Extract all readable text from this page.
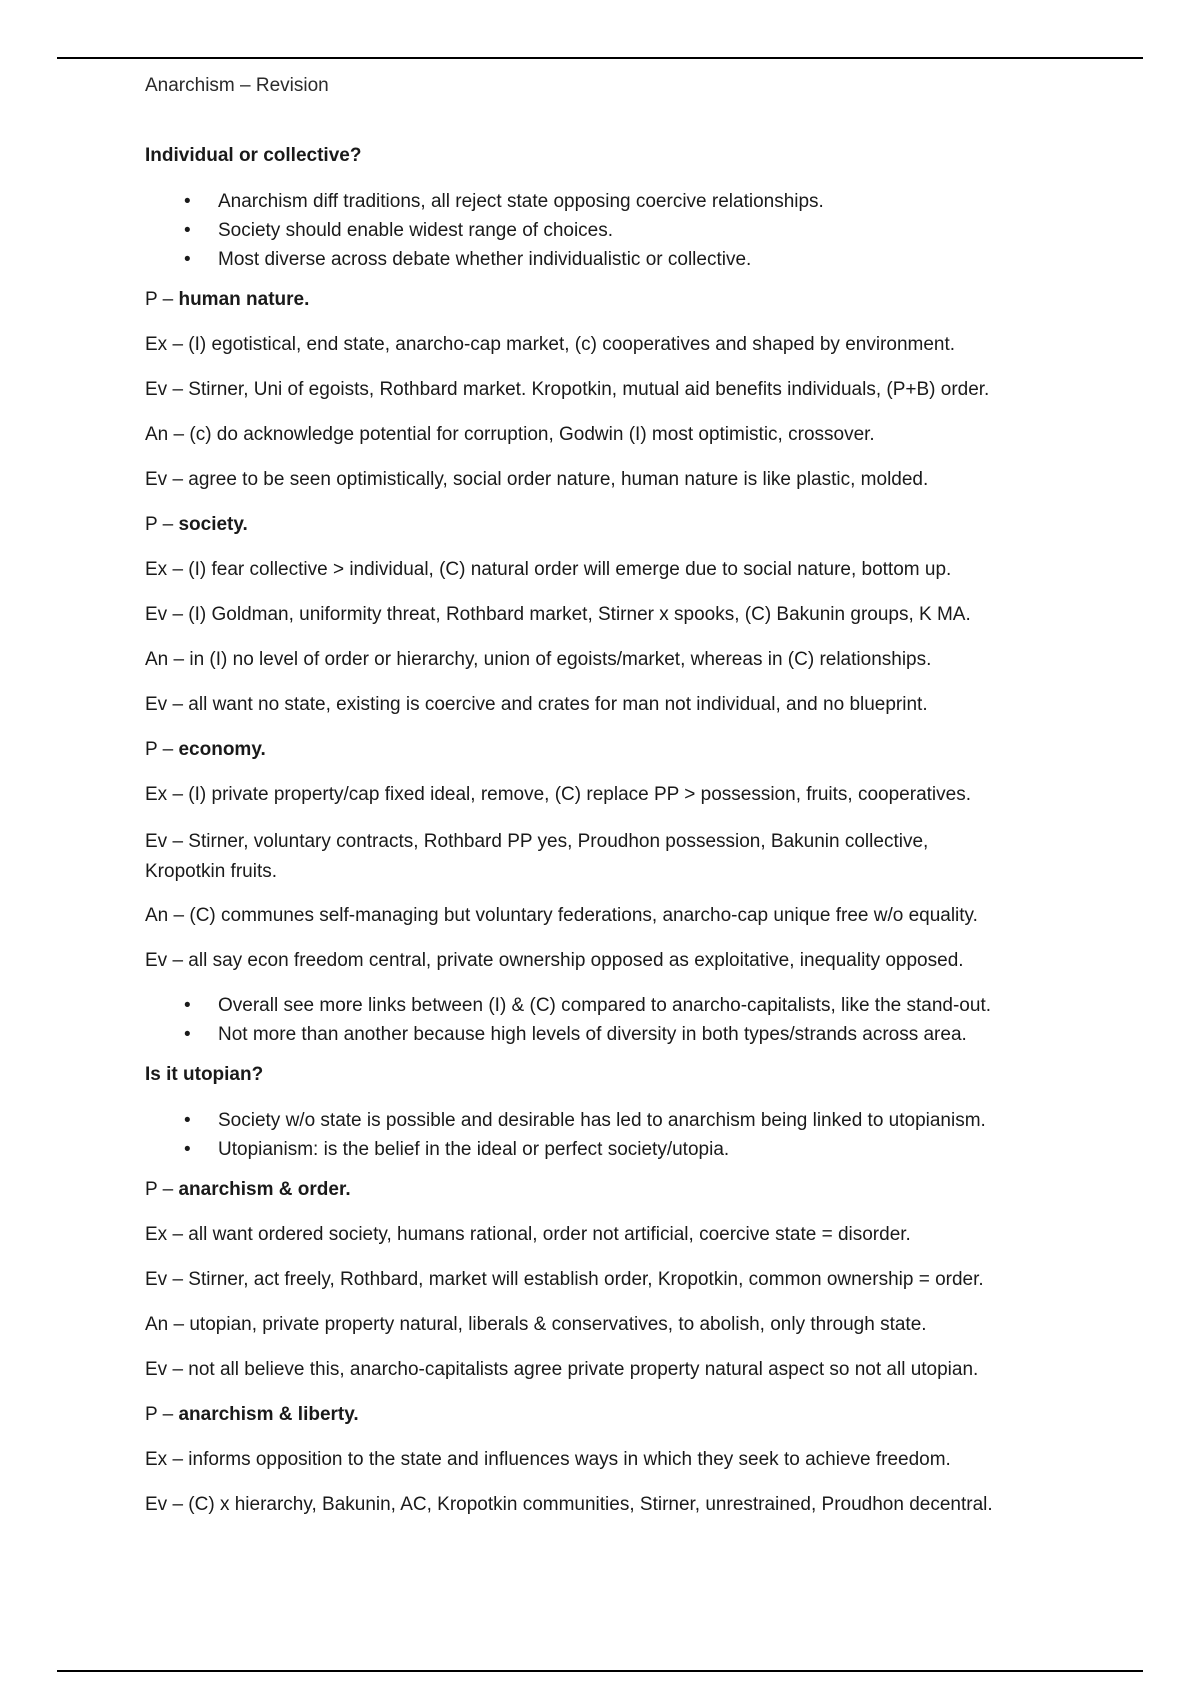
Anarchism – Revision
Individual or collective?
• Anarchism diff traditions, all reject state opposing coercive relationships.
• Society should enable widest range of choices.
• Most diverse across debate whether individualistic or collective.
P – human nature.
Ex – (I) egotistical, end state, anarcho-cap market, (c) cooperatives and shaped by environment.
Ev – Stirner, Uni of egoists, Rothbard market. Kropotkin, mutual aid benefits individuals, (P+B) order.
An – (c) do acknowledge potential for corruption, Godwin (I) most optimistic, crossover.
Ev – agree to be seen optimistically, social order nature, human nature is like plastic, molded.
P – society.
Ex – (I) fear collective > individual, (C) natural order will emerge due to social nature, bottom up.
Ev – (I) Goldman, uniformity threat, Rothbard market, Stirner x spooks, (C) Bakunin groups, K MA.
An – in (I) no level of order or hierarchy, union of egoists/market, whereas in (C) relationships.
Ev – all want no state, existing is coercive and crates for man not individual, and no blueprint.
P – economy.
Ex – (I) private property/cap fixed ideal, remove, (C) replace PP > possession, fruits, cooperatives.
Ev – Stirner, voluntary contracts, Rothbard PP yes, Proudhon possession, Bakunin collective, Kropotkin fruits.
An – (C) communes self-managing but voluntary federations, anarcho-cap unique free w/o equality.
Ev – all say econ freedom central, private ownership opposed as exploitative, inequality opposed.
• Overall see more links between (I) & (C) compared to anarcho-capitalists, like the stand-out.
• Not more than another because high levels of diversity in both types/strands across area.
Is it utopian?
• Society w/o state is possible and desirable has led to anarchism being linked to utopianism.
• Utopianism: is the belief in the ideal or perfect society/utopia.
P – anarchism & order.
Ex – all want ordered society, humans rational, order not artificial, coercive state = disorder.
Ev – Stirner, act freely, Rothbard, market will establish order, Kropotkin, common ownership = order.
An – utopian, private property natural, liberals & conservatives, to abolish, only through state.
Ev – not all believe this, anarcho-capitalists agree private property natural aspect so not all utopian.
P – anarchism & liberty.
Ex – informs opposition to the state and influences ways in which they seek to achieve freedom.
Ev – (C) x hierarchy, Bakunin, AC, Kropotkin communities, Stirner, unrestrained, Proudhon decentral.
